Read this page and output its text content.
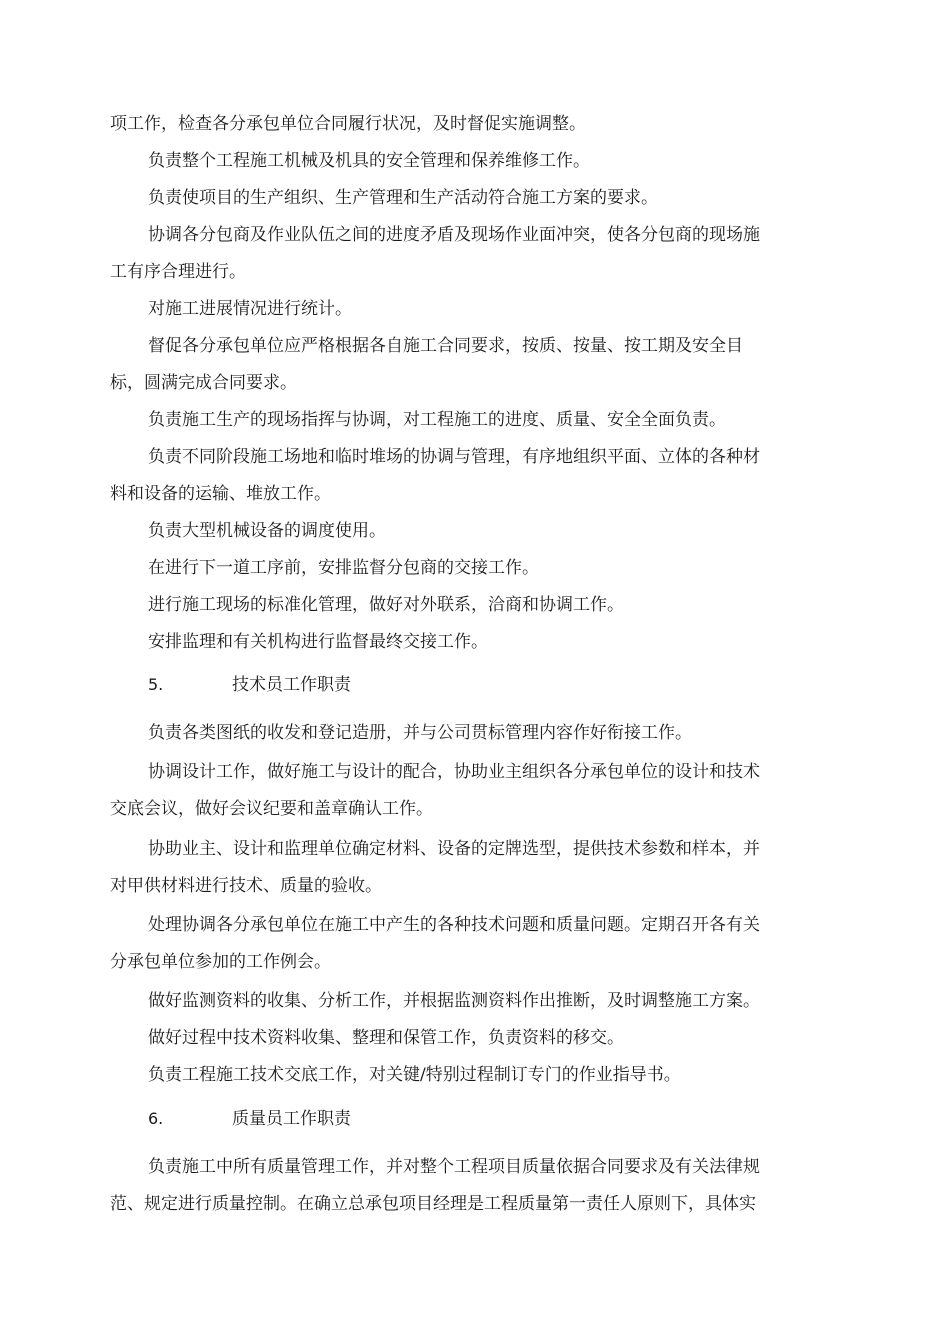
项工作，检查各分承包单位合同履行状况，及时督促实施调整。
负责整个工程施工机械及机具的安全管理和保养维修工作。
负责使项目的生产组织、生产管理和生产活动符合施工方案的要求。
协调各分包商及作业队伍之间的进度矛盾及现场作业面冲突，使各分包商的现场施
工有序合理进行。
对施工进展情况进行统计。
督促各分承包单位应严格根据各自施工合同要求，按质、按量、按工期及安全目
标，圆满完成合同要求。
负责施工生产的现场指挥与协调，对工程施工的进度、质量、安全全面负责。
负责不同阶段施工场地和临时堆场的协调与管理，有序地组织平面、立体的各种材
料和设备的运输、堆放工作。
负责大型机械设备的调度使用。
在进行下一道工序前，安排监督分包商的交接工作。
进行施工现场的标准化管理，做好对外联系，洽商和协调工作。
安排监理和有关机构进行监督最终交接工作。
5.	技术员工作职责
负责各类图纸的收发和登记造册，并与公司贯标管理内容作好衔接工作。
协调设计工作，做好施工与设计的配合，协助业主组织各分承包单位的设计和技术
交底会议，做好会议纪要和盖章确认工作。
协助业主、设计和监理单位确定材料、设备的定牌选型，提供技术参数和样本，并
对甲供材料进行技术、质量的验收。
处理协调各分承包单位在施工中产生的各种技术问题和质量问题。定期召开各有关
分承包单位参加的工作例会。
做好监测资料的收集、分析工作，并根据监测资料作出推断，及时调整施工方案。
做好过程中技术资料收集、整理和保管工作，负责资料的移交。
负责工程施工技术交底工作，对关键/特别过程制订专门的作业指导书。
6.	质量员工作职责
负责施工中所有质量管理工作，并对整个工程项目质量依据合同要求及有关法律规
范、规定进行质量控制。在确立总承包项目经理是工程质量第一责任人原则下，具体实
